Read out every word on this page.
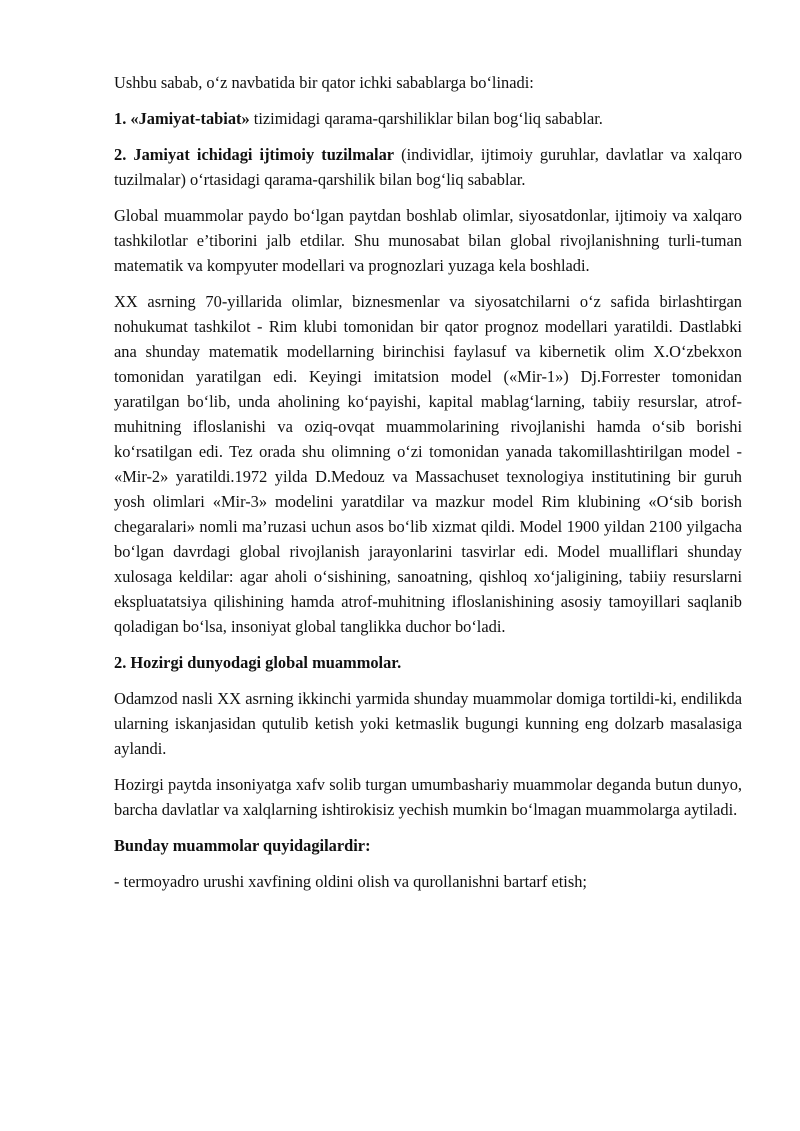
Ushbu sabab, o‘z navbatida bir qator ichki sabablarga bo‘linadi:

1. «Jamiyat-tabiat» tizimidagi qarama-qarshiliklar bilan bog‘liq sabablar.

2. Jamiyat ichidagi ijtimoiy tuzilmalar (individlar, ijtimoiy guruhlar, davlatlar va xalqaro tuzilmalar) o‘rtasidagi qarama-qarshilik bilan bog‘liq sabablar.

Global muammolar paydo bo‘lgan paytdan boshlab olimlar, siyosatdonlar, ijtimoiy va xalqaro tashkilotlar e’tiborini jalb etdilar. Shu munosabat bilan global rivojlanishning turli-tuman matematik va kompyuter modellari va prognozlari yuzaga kela boshladi.

XX asrning 70-yillarida olimlar, biznesmenlar va siyosatchilarni o‘z safida birlashtirgan nohukumat tashkilot - Rim klubi tomonidan bir qator prognoz modellari yaratildi. Dastlabki ana shunday matematik modellarning birinchisi faylasuf va kibernetik olim X.O‘zbekxon tomonidan yaratilgan edi. Keyingi imitatsion model («Mir-1») Dj.Forrester tomonidan yaratilgan bo‘lib, unda aholining ko‘payishi, kapital mablag‘larning, tabiiy resurslar, atrof-muhitning ifloslanishi va oziq-ovqat muammolarining rivojlanishi hamda o‘sib borishi ko‘rsatilgan edi. Tez orada shu olimning o‘zi tomonidan yanada takomillashtirilgan model - «Mir-2» yaratildi.1972 yilda D.Medouz va Massachuset texnologiya institutining bir guruh yosh olimlari «Mir-3» modelini yaratdilar va mazkur model Rim klubining «O‘sib borish chegaralari» nomli ma’ruzasi uchun asos bo‘lib xizmat qildi. Model 1900 yildan 2100 yilgacha bo‘lgan davrdagi global rivojlanish jarayonlarini tasvirlar edi. Model mualliflari shunday xulosaga keldilar: agar aholi o‘sishining, sanoatning, qishloq xo‘jaligining, tabiiy resurslarni ekspluatatsiya qilishining hamda atrof-muhitning ifloslanishining asosiy tamoyillari saqlanib qoladigan bo‘lsa, insoniyat global tanglikka duchor bo‘ladi.

2. Hozirgi dunyodagi global muammolar.

Odamzod nasli XX asrning ikkinchi yarmida shunday muammolar domiga tortildi-ki, endilikda ularning iskanjasidan qutulib ketish yoki ketmaslik bugungi kunning eng dolzarb masalasiga aylandi.

Hozirgi paytda insoniyatga xafv solib turgan umumbashariy muammolar deganda butun dunyo, barcha davlatlar va xalqlarning ishtirokisiz yechish mumkin bo‘lmagan muammolarga aytiladi.

Bunday muammolar quyidagilardir:

- termoyadro urushi xavfining oldini olish va qurollanishni bartarf etish;
